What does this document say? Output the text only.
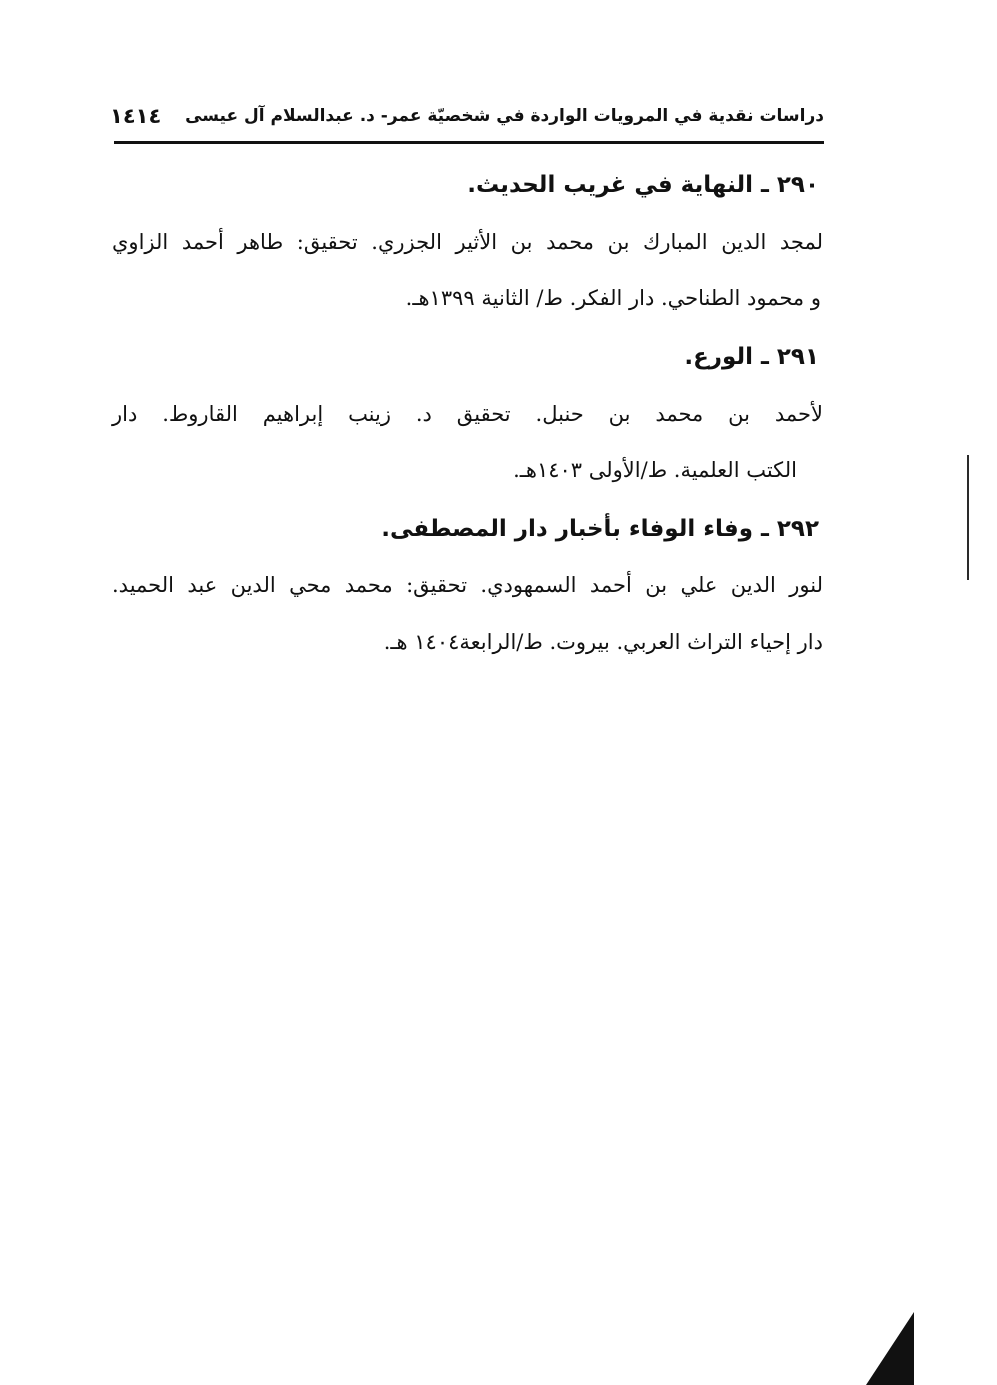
دراسات نقدية في المرويات الواردة في شخصيّة عمر- د. عبدالسلام آل عيسى
١٤١٤
٢٩٠ ـ النهاية في غريب الحديث.
لمجد الدين المبارك بن محمد بن الأثير الجزري. تحقيق: طاهر أحمد الزاوي
و محمود الطناحي. دار الفكر. ط/ الثانية ١٣٩٩هـ.
٢٩١ ـ الورع.
لأحمد بن محمد بن حنبل. تحقيق د. زينب إبراهيم القاروط. دار
الكتب العلمية. ط/الأولى ١٤٠٣هـ.
٢٩٢ ـ وفاء الوفاء بأخبار دار المصطفى.
لنور الدين علي بن أحمد السمهودي. تحقيق: محمد محي الدين عبد الحميد.
دار إحياء التراث العربي. بيروت. ط/الرابعة١٤٠٤ هـ.
